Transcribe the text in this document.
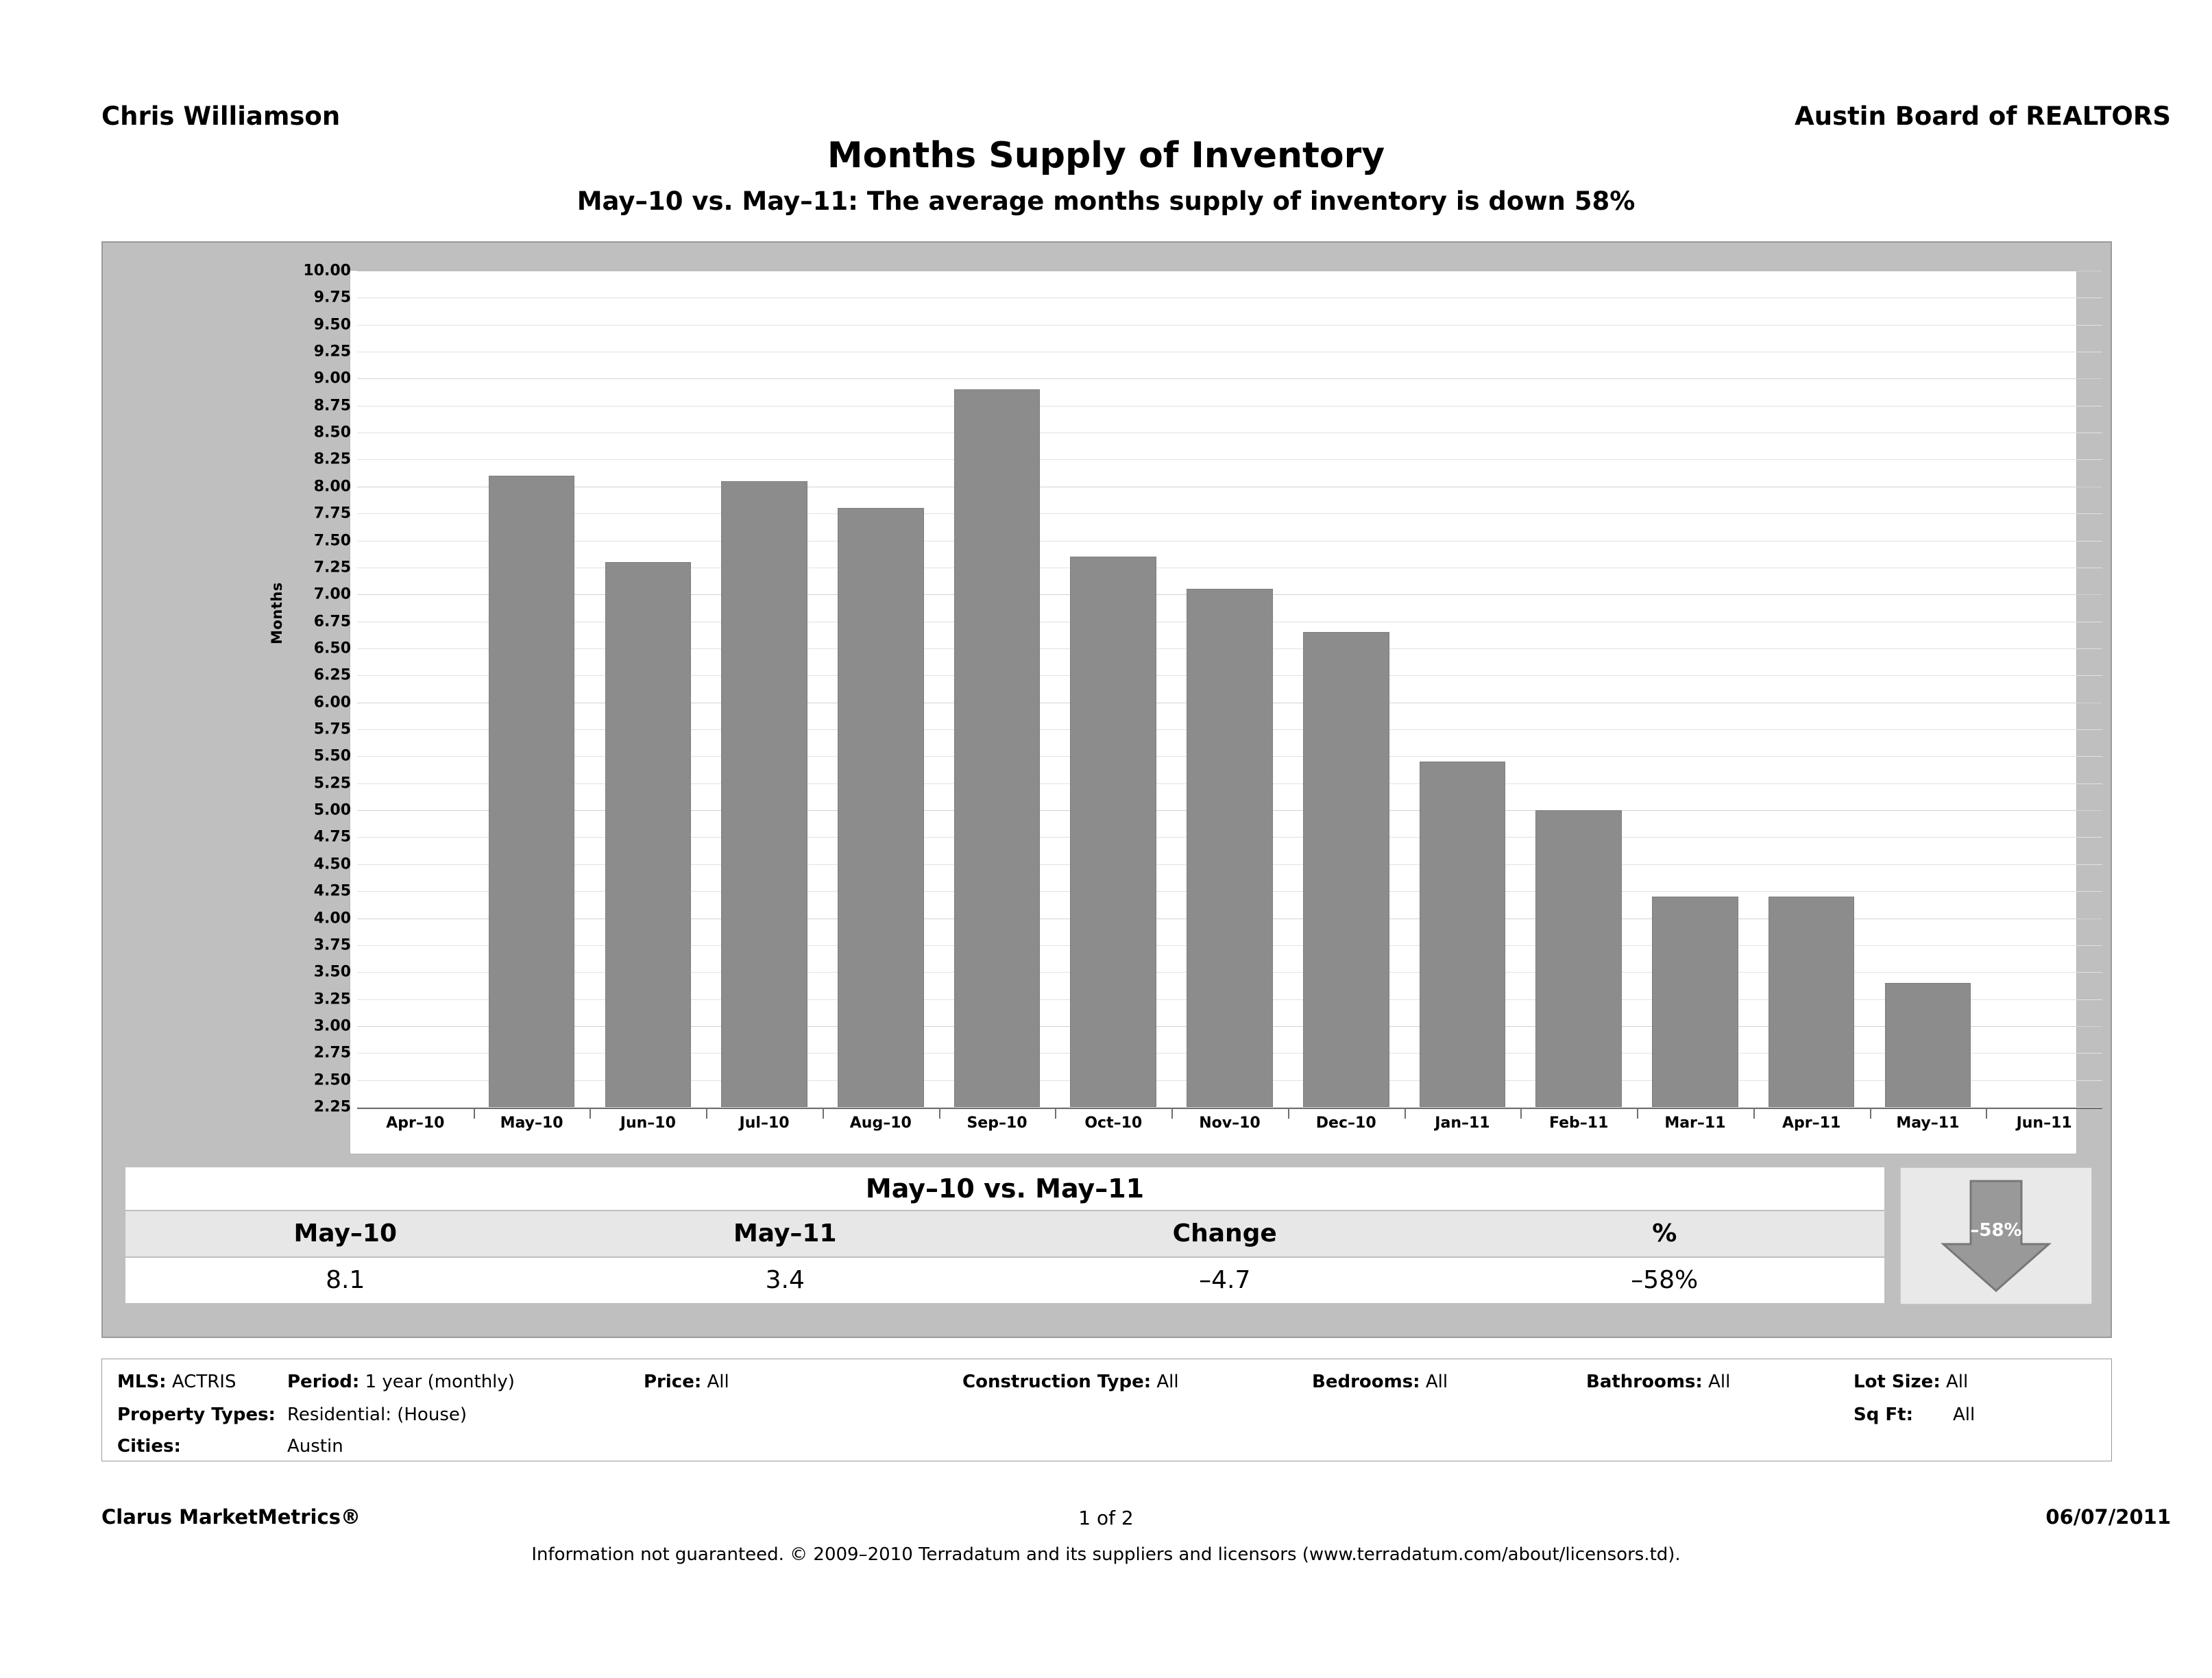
Chris Williamson	Austin Board of REALTORS
Months Supply of Inventory
May–10 vs. May–11: The average months supply of inventory is down 58%
Months
10.00
9.75
9.50
9.25
9.00
8.75
8.50
8.25
8.00
7.75
7.50
7.25
7.00
6.75
6.50
6.25
6.00
5.75
5.50
5.25
5.00
4.75
4.50
4.25
4.00
3.75
3.50
3.25
3.00
2.75
2.50
2.25
Apr–10	May–10	Jun–10	Jul–10	Aug–10	Sep–10	Oct–10	Nov–10	Dec–10	Jan–11	Feb–11	Mar–11	Apr–11	May–11	Jun–11
May–10 vs. May–11
May–10	May–11	Change	%
8.1	3.4	–4.7	–58%
–58%
MLS: ACTRIS	Period: 1 year (monthly)	Price: All	Construction Type: All	Bedrooms: All	Bathrooms: All	Lot Size: All
Property Types: Residential: (House)	Sq Ft: All
Cities:	Austin
Clarus MarketMetrics®	1 of 2	06/07/2011
Information not guaranteed. © 2009–2010 Terradatum and its suppliers and licensors (www.terradatum.com/about/licensors.td).
